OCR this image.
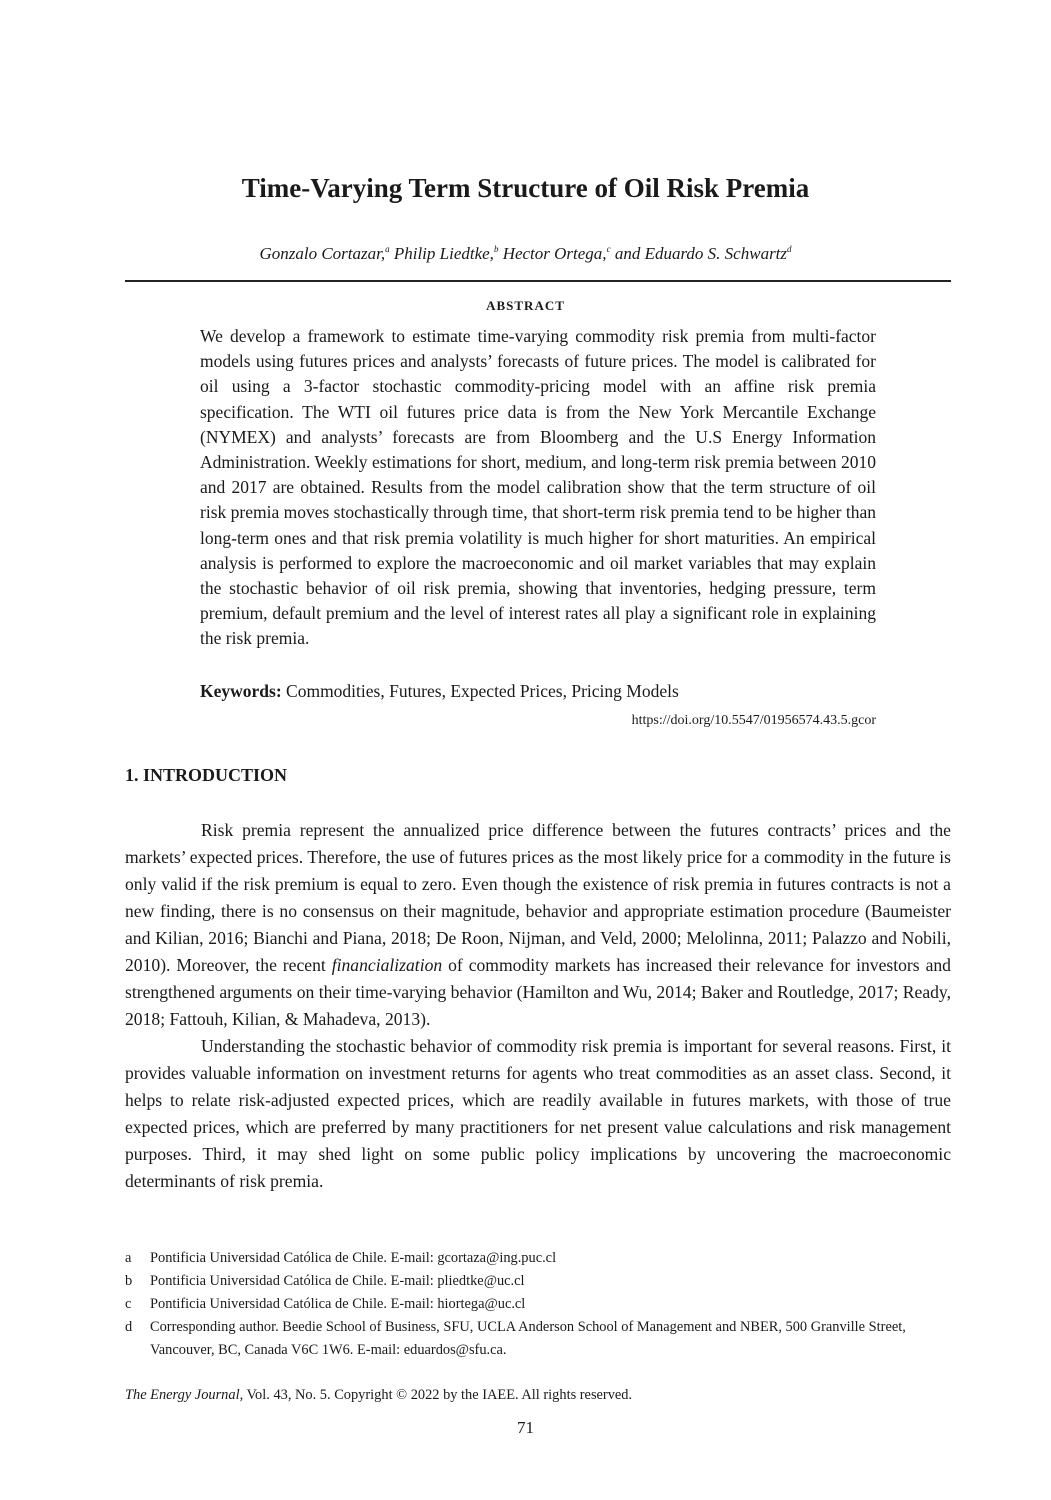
Time-Varying Term Structure of Oil Risk Premia

Gonzalo Cortazar,$^a$ Philip Liedtke,$^b$ Hector Ortega,$^c$ and Eduardo S. Schwartz$^d$

ABSTRACT

We develop a framework to estimate time-varying commodity risk premia from multi-factor models using futures prices and analysts’ forecasts of future prices. The model is calibrated for oil using a 3-factor stochastic commodity-pricing model with an affine risk premia specification. The WTI oil futures price data is from the New York Mercantile Exchange (NYMEX) and analysts’ forecasts are from Bloomberg and the U.S Energy Information Administration. Weekly estimations for short, medium, and long-term risk premia between 2010 and 2017 are obtained. Results from the model calibration show that the term structure of oil risk premia moves stochastically through time, that short-term risk premia tend to be higher than long-term ones and that risk premia volatility is much higher for short maturities. An empirical analysis is performed to explore the macroeconomic and oil market variables that may explain the stochastic behavior of oil risk premia, showing that inventories, hedging pressure, term premium, default premium and the level of interest rates all play a significant role in explaining the risk premia.

Keywords: Commodities, Futures, Expected Prices, Pricing Models

https://doi.org/10.5547/01956574.43.5.gcor

1. INTRODUCTION

Risk premia represent the annualized price difference between the futures contracts’ prices and the markets’ expected prices. Therefore, the use of futures prices as the most likely price for a commodity in the future is only valid if the risk premium is equal to zero. Even though the existence of risk premia in futures contracts is not a new finding, there is no consensus on their magnitude, behavior and appropriate estimation procedure (Baumeister and Kilian, 2016; Bianchi and Piana, 2018; De Roon, Nijman, and Veld, 2000; Melolinna, 2011; Palazzo and Nobili, 2010). Moreover, the recent financialization of commodity markets has increased their relevance for investors and strengthened arguments on their time-varying behavior (Hamilton and Wu, 2014; Baker and Routledge, 2017; Ready, 2018; Fattouh, Kilian, & Mahadeva, 2013).

Understanding the stochastic behavior of commodity risk premia is important for several reasons. First, it provides valuable information on investment returns for agents who treat commodities as an asset class. Second, it helps to relate risk-adjusted expected prices, which are readily available in futures markets, with those of true expected prices, which are preferred by many practitioners for net present value calculations and risk management purposes. Third, it may shed light on some public policy implications by uncovering the macroeconomic determinants of risk premia.

a	Pontificia Universidad Católica de Chile. E-mail: gcortaza@ing.puc.cl
b	Pontificia Universidad Católica de Chile. E-mail: pliedtke@uc.cl
c	Pontificia Universidad Católica de Chile. E-mail: hiortega@uc.cl
d	Corresponding author. Beedie School of Business, SFU, UCLA Anderson School of Management and NBER, 500 Granville Street, Vancouver, BC, Canada V6C 1W6. E-mail: eduardos@sfu.ca.

The Energy Journal, Vol. 43, No. 5. Copyright © 2022 by the IAEE. All rights reserved.

71
